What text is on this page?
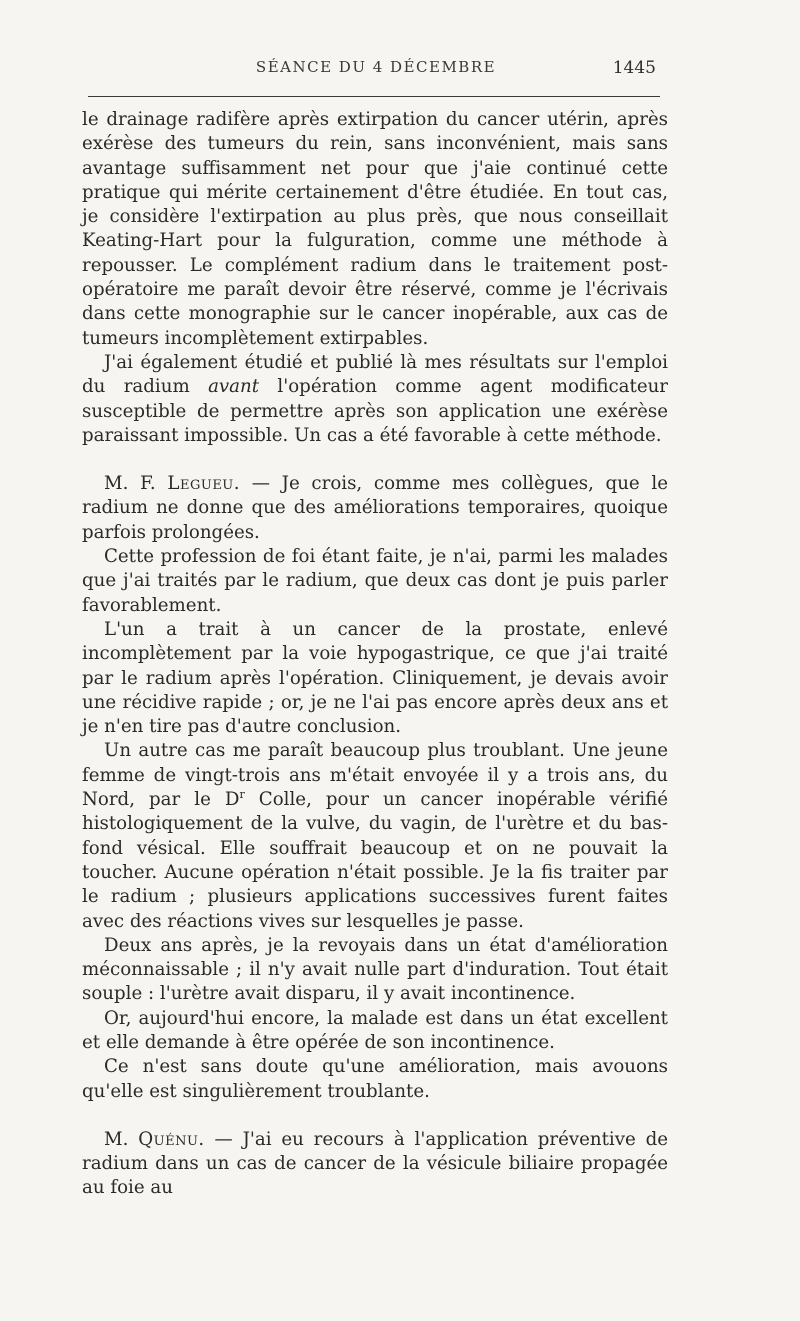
SÉANCE DU 4 DÉCEMBRE	1445

le drainage radifère après extirpation du cancer utérin, après exérèse des tumeurs du rein, sans inconvénient, mais sans avantage suffisamment net pour que j'aie continué cette pratique qui mérite certainement d'être étudiée. En tout cas, je considère l'extirpation au plus près, que nous conseillait Keating-Hart pour la fulguration, comme une méthode à repousser. Le complément radium dans le traitement post-opératoire me paraît devoir être réservé, comme je l'écrivais dans cette monographie sur le cancer inopérable, aux cas de tumeurs incomplètement extirpables.

J'ai également étudié et publié là mes résultats sur l'emploi du radium avant l'opération comme agent modificateur susceptible de permettre après son application une exérèse paraissant impossible. Un cas a été favorable à cette méthode.

M. F. Legueu. — Je crois, comme mes collègues, que le radium ne donne que des améliorations temporaires, quoique parfois prolongées.

Cette profession de foi étant faite, je n'ai, parmi les malades que j'ai traités par le radium, que deux cas dont je puis parler favorablement.

L'un a trait à un cancer de la prostate, enlevé incomplètement par la voie hypogastrique, ce que j'ai traité par le radium après l'opération. Cliniquement, je devais avoir une récidive rapide ; or, je ne l'ai pas encore après deux ans et je n'en tire pas d'autre conclusion.

Un autre cas me paraît beaucoup plus troublant. Une jeune femme de vingt-trois ans m'était envoyée il y a trois ans, du Nord, par le $D^r$ Colle, pour un cancer inopérable vérifié histologiquement de la vulve, du vagin, de l'urètre et du bas-fond vésical. Elle souffrait beaucoup et on ne pouvait la toucher. Aucune opération n'était possible. Je la fis traiter par le radium ; plusieurs applications successives furent faites avec des réactions vives sur lesquelles je passe.

Deux ans après, je la revoyais dans un état d'amélioration méconnaissable ; il n'y avait nulle part d'induration. Tout était souple : l'urètre avait disparu, il y avait incontinence.

Or, aujourd'hui encore, la malade est dans un état excellent et elle demande à être opérée de son incontinence.

Ce n'est sans doute qu'une amélioration, mais avouons qu'elle est singulièrement troublante.

M. Quénu. — J'ai eu recours à l'application préventive de radium dans un cas de cancer de la vésicule biliaire propagée au foie au
